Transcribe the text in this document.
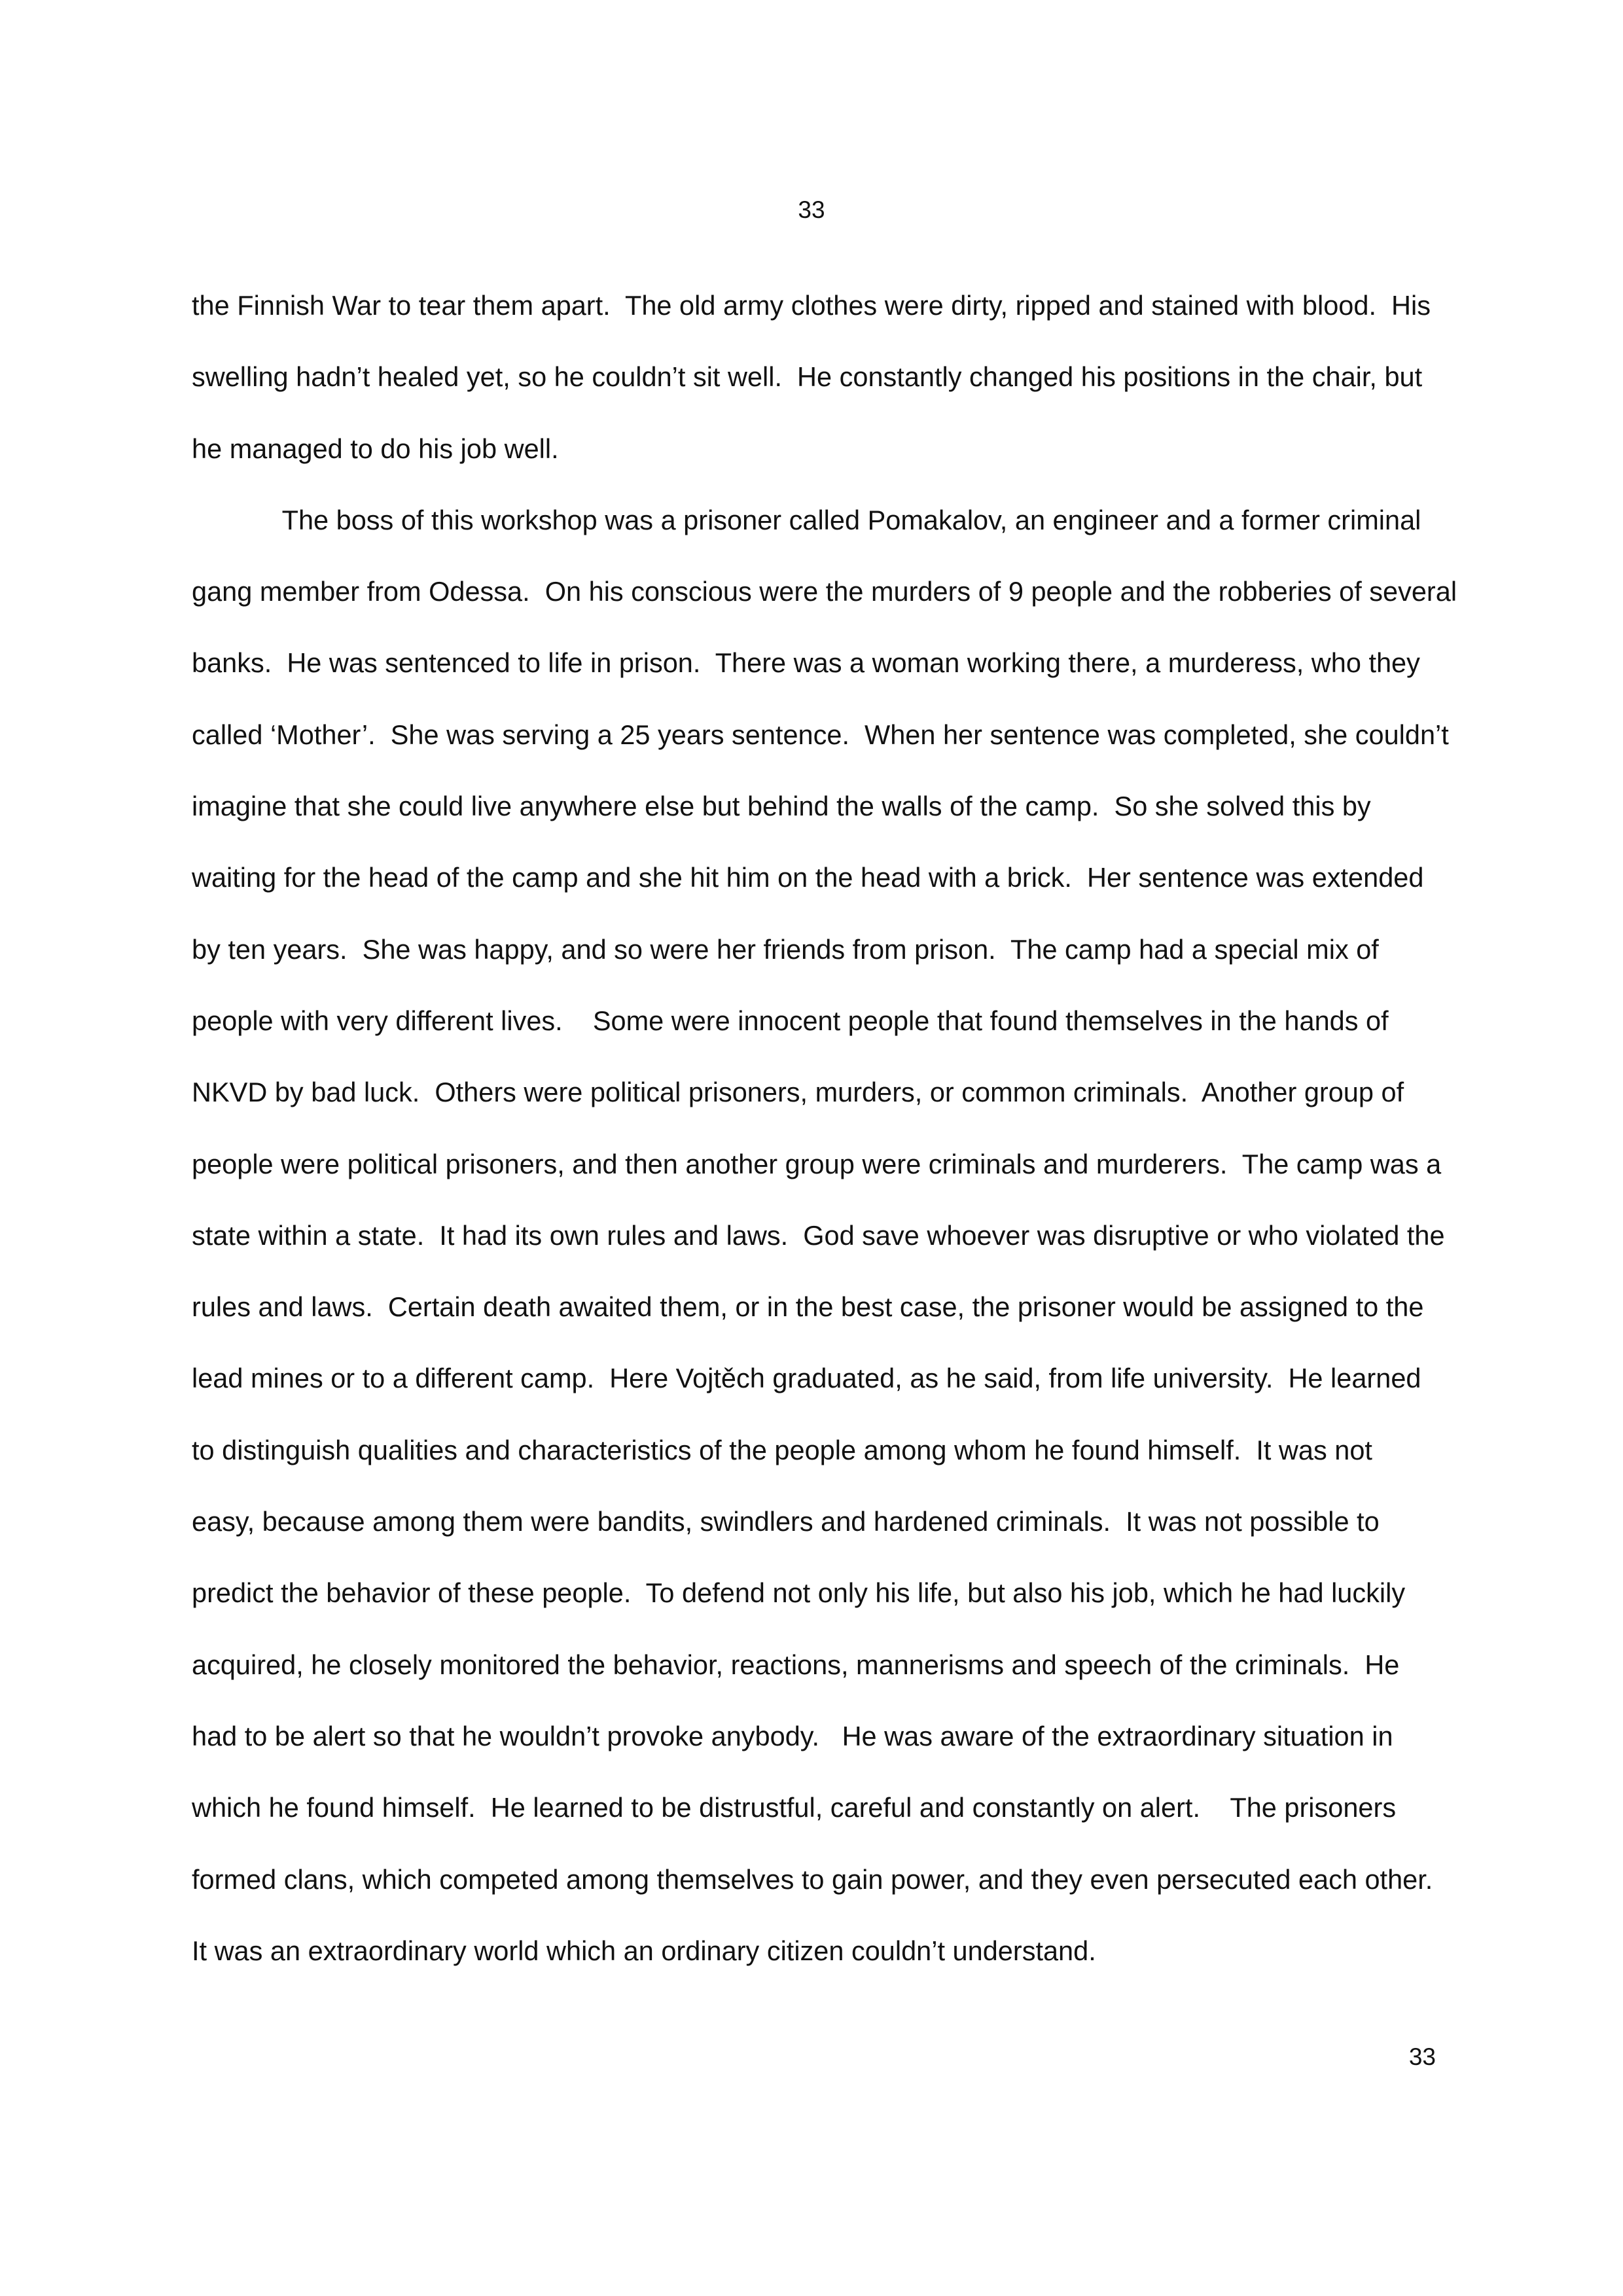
33
the Finnish War to tear them apart.  The old army clothes were dirty, ripped and stained with blood.  His
swelling hadn’t healed yet, so he couldn’t sit well.  He constantly changed his positions in the chair, but
he managed to do his job well.
The boss of this workshop was a prisoner called Pomakalov, an engineer and a former criminal
gang member from Odessa.  On his conscious were the murders of 9 people and the robberies of several
banks.  He was sentenced to life in prison.  There was a woman working there, a murderess, who they
called ‘Mother’.  She was serving a 25 years sentence.  When her sentence was completed, she couldn’t
imagine that she could live anywhere else but behind the walls of the camp.  So she solved this by
waiting for the head of the camp and she hit him on the head with a brick.  Her sentence was extended
by ten years.  She was happy, and so were her friends from prison.  The camp had a special mix of
people with very different lives.    Some were innocent people that found themselves in the hands of
NKVD by bad luck.  Others were political prisoners, murders, or common criminals.  Another group of
people were political prisoners, and then another group were criminals and murderers.  The camp was a
state within a state.  It had its own rules and laws.  God save whoever was disruptive or who violated the
rules and laws.  Certain death awaited them, or in the best case, the prisoner would be assigned to the
lead mines or to a different camp.  Here Vojtěch graduated, as he said, from life university.  He learned
to distinguish qualities and characteristics of the people among whom he found himself.  It was not
easy, because among them were bandits, swindlers and hardened criminals.  It was not possible to
predict the behavior of these people.  To defend not only his life, but also his job, which he had luckily
acquired, he closely monitored the behavior, reactions, mannerisms and speech of the criminals.  He
had to be alert so that he wouldn’t provoke anybody.   He was aware of the extraordinary situation in
which he found himself.  He learned to be distrustful, careful and constantly on alert.    The prisoners
formed clans, which competed among themselves to gain power, and they even persecuted each other.
It was an extraordinary world which an ordinary citizen couldn’t understand.
33
